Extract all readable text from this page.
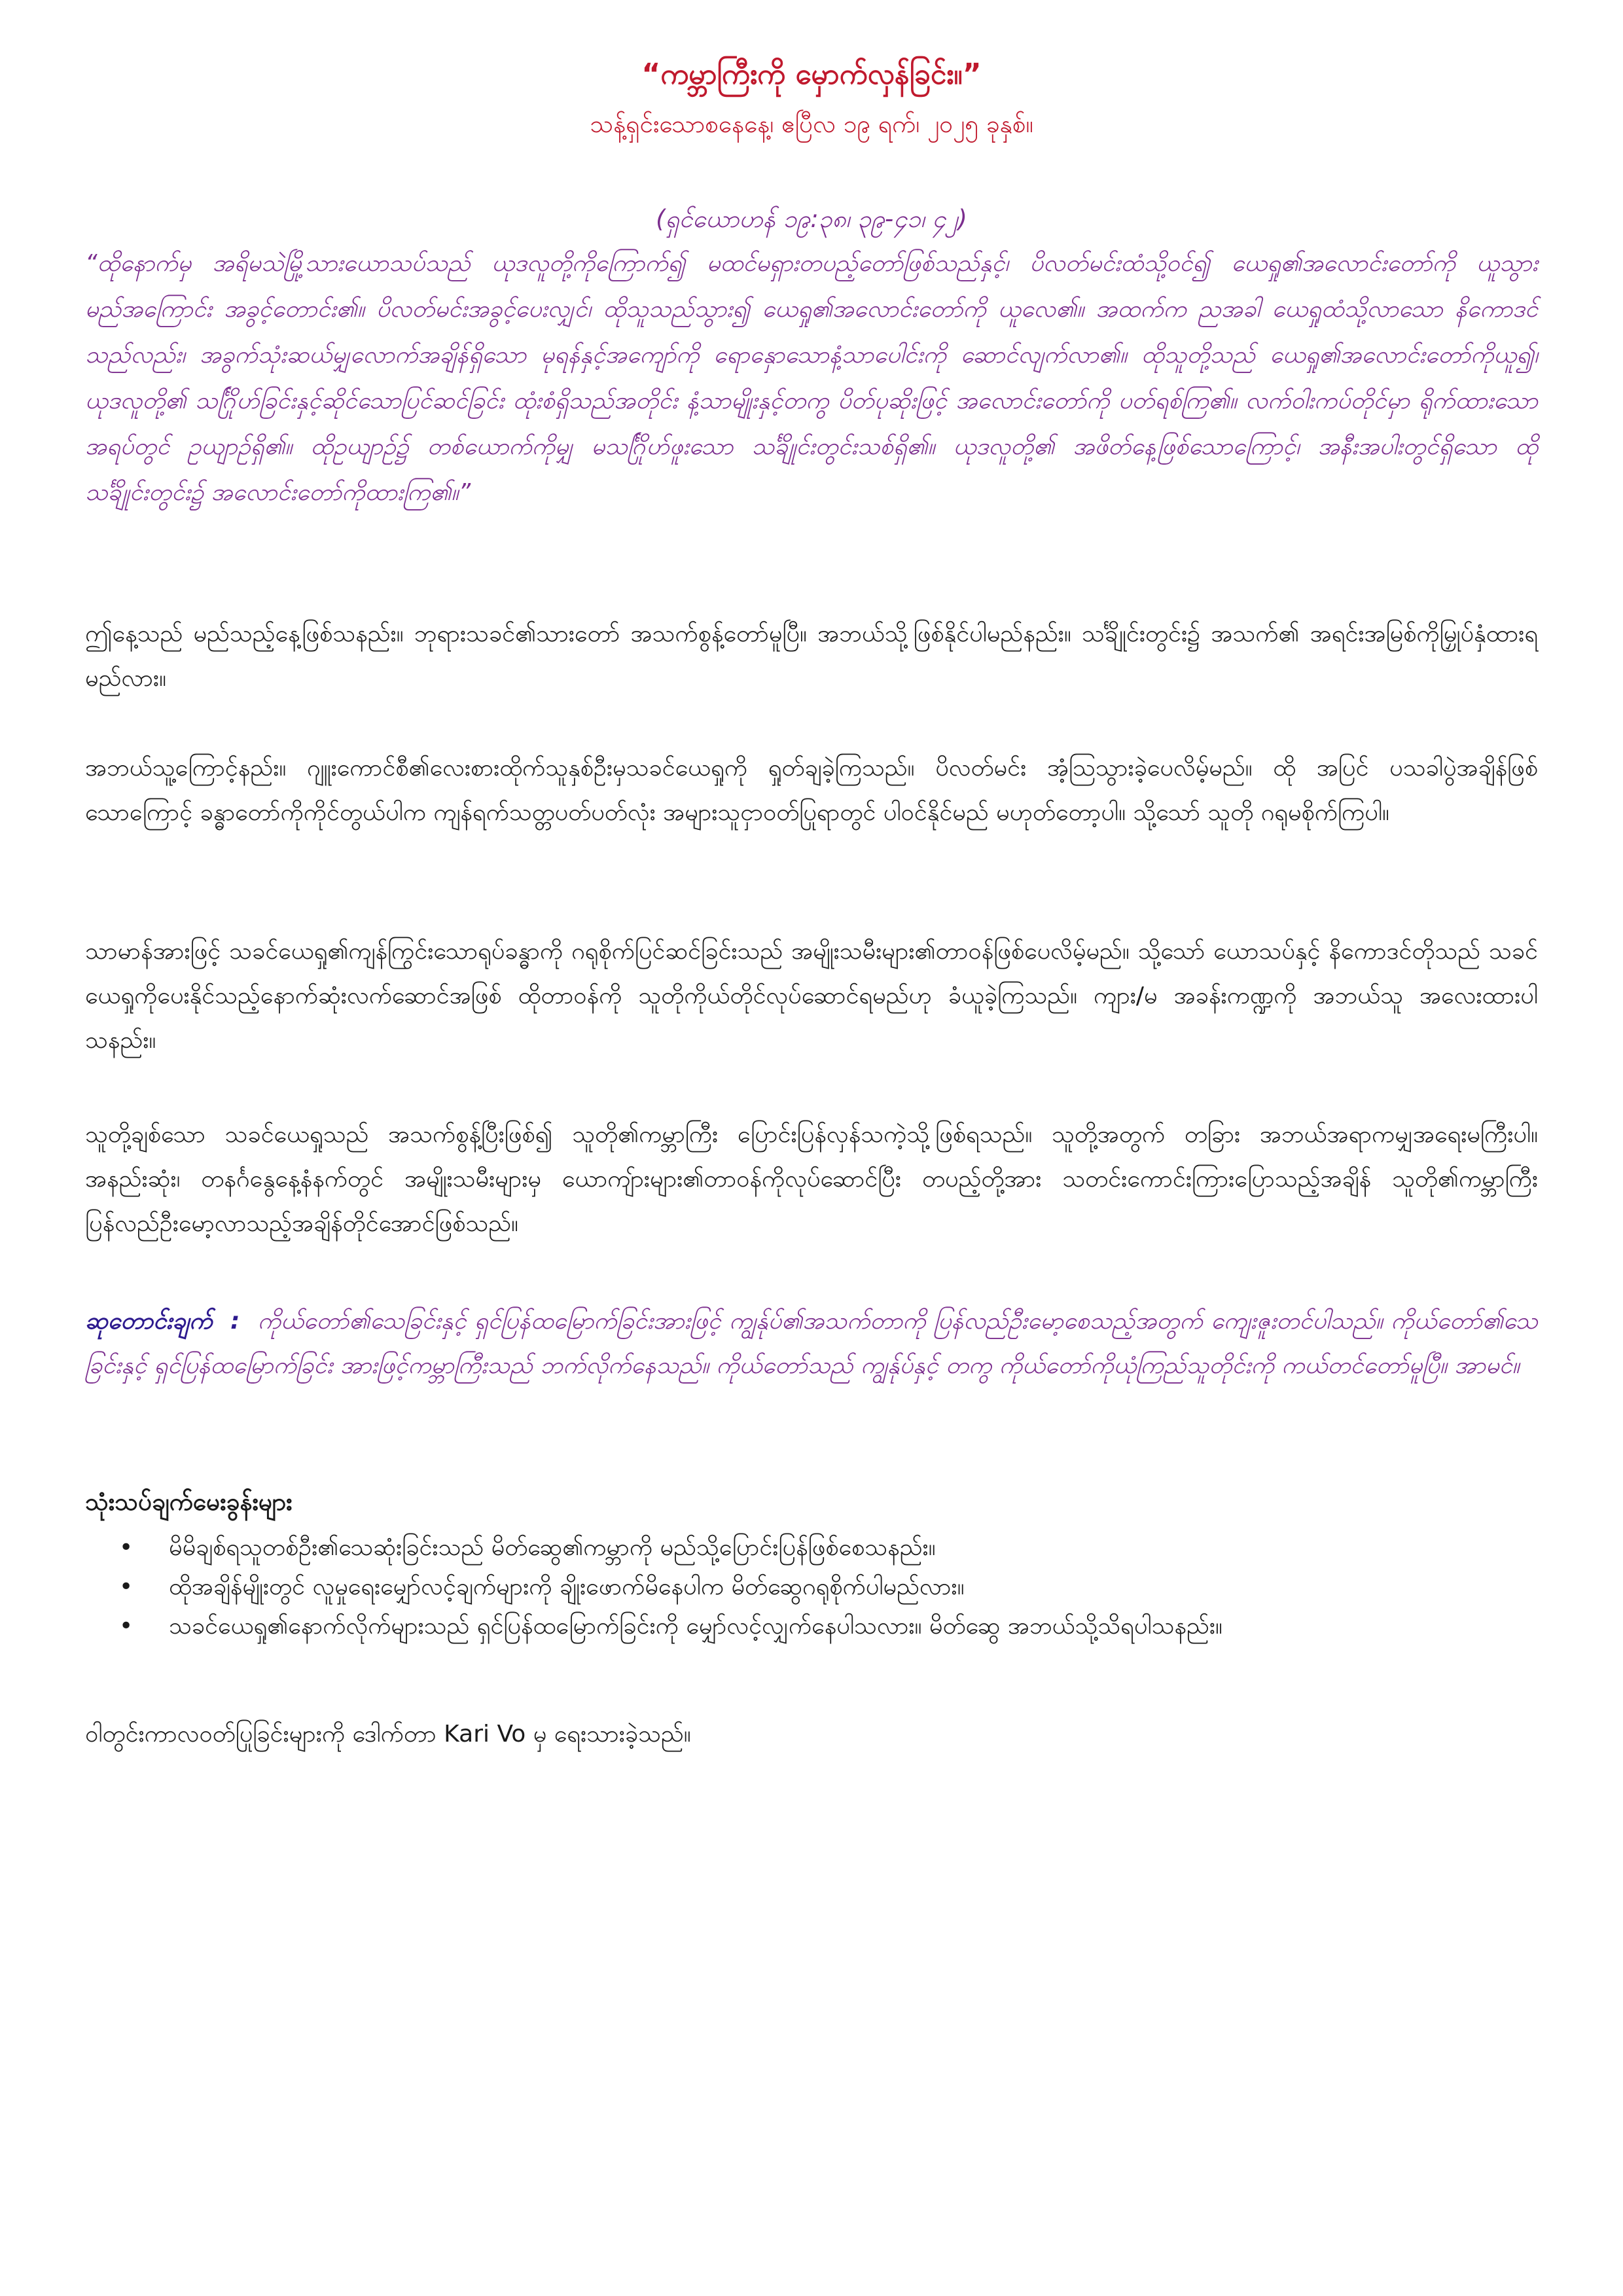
“ကမ္ဘာကြီးကို မှောက်လှန်ခြင်း။”
သန့်ရှင်းသောစနေနေ့၊ ဧပြီလ ၁၉ ရက်၊ ၂၀၂၅ ခုနှစ်။
(ရှင်ယောဟန် ၁၉:၃၈၊ ၃၉-၄၁၊ ၄၂)
“ထိုနောက်မှ အရိမသဲမြို့သားယောသပ်သည် ယုဒလူတို့ကိုကြောက်၍ မထင်မရှားတပည့်တော်ဖြစ်သည်နှင့်၊ ပိလတ်မင်းထံသို့ဝင်၍ ယေရှု၏အလောင်းတော်ကို ယူသွားမည်အကြောင်း အခွင့်တောင်း၏။ ပိလတ်မင်းအခွင့်ပေးလျှင်၊ ထိုသူသည်သွား၍ ယေရှု၏အလောင်းတော်ကို ယူလေ၏။ အထက်က ညအခါ ယေရှုထံသို့လာသော နိကောဒင်သည်လည်း၊ အခွက်သုံးဆယ်မျှလောက်အချိန်ရှိသော မုရန်နှင့်အကျော်ကို ရောနှောသောနံ့သာပေါင်းကို ဆောင်လျက်လာ၏။ ထိုသူတို့သည် ယေရှု၏အလောင်းတော်ကိုယူ၍၊ ယုဒလူတို့၏ သင်္ဂြိုဟ်ခြင်းနှင့်ဆိုင်သောပြင်ဆင်ခြင်း ထုံးစံရှိသည်အတိုင်း နံ့သာမျိုးနှင့်တကွ ပိတ်ပုဆိုးဖြင့် အလောင်းတော်ကို ပတ်ရစ်ကြ၏။ လက်ဝါးကပ်တိုင်မှာ ရိုက်ထားသောအရပ်တွင် ဥယျာဉ်ရှိ၏။ ထိုဥယျာဉ်၌ တစ်ယောက်ကိုမျှ မသင်္ဂြိုဟ်ဖူးသော သင်္ချိုင်းတွင်းသစ်ရှိ၏။ ယုဒလူတို့၏ အဖိတ်နေ့ဖြစ်သောကြောင့်၊ အနီးအပါးတွင်ရှိသော ထိုသင်္ချိုင်းတွင်း၌ အလောင်းတော်ကိုထားကြ၏။”
ဤနေ့သည် မည်သည့်နေ့ဖြစ်သနည်း။ ဘုရားသခင်၏သားတော် အသက်စွန့်တော်မူပြီ။ အဘယ်သို့ဖြစ်နိုင်ပါမည်နည်း။ သင်္ချိုင်းတွင်း၌ အသက်၏ အရင်းအမြစ်ကိုမြှုပ်နှံထားရမည်လား။
အဘယ်သူ့ကြောင့်နည်း။ ဂျူးကောင်စီ၏လေးစားထိုက်သူနှစ်ဦးမှသခင်ယေရှုကို ရှုတ်ချခဲ့ကြသည်။ ပိလတ်မင်း အံ့ဩသွားခဲ့ပေလိမ့်မည်။ ထို အပြင် ပသခါပွဲအချိန်ဖြစ်သောကြောင့် ခန္ဓာတော်ကိုကိုင်တွယ်ပါက ကျန်ရက်သတ္တပတ်ပတ်လုံး အများသူငှာဝတ်ပြုရာတွင် ပါဝင်နိုင်မည် မဟုတ်တော့ပါ။ သို့သော် သူတို ဂရုမစိုက်ကြပါ။
သာမာန်အားဖြင့် သခင်ယေရှု၏ကျန်ကြွင်းသောရုပ်ခန္ဓာကို ဂရုစိုက်ပြင်ဆင်ခြင်းသည် အမျိုးသမီးများ၏တာဝန်ဖြစ်ပေလိမ့်မည်။ သို့သော် ယောသပ်နှင့် နိကောဒင်တိုသည် သခင်ယေရှုကိုပေးနိုင်သည့်နောက်ဆုံးလက်ဆောင်အဖြစ် ထိုတာဝန်ကို သူတိုကိုယ်တိုင်လုပ်ဆောင်ရမည်ဟု ခံယူခဲ့ကြသည်။ ကျား/မ အခန်းကဏ္ဍကို အဘယ်သူ အလေးထားပါသနည်း။
သူတို့ချစ်သော သခင်ယေရှုသည် အသက်စွန့်ပြီးဖြစ်၍ သူတို၏ကမ္ဘာကြီး ပြောင်းပြန်လှန်သကဲ့သို့ဖြစ်ရသည်။ သူတို့အတွက် တခြား အဘယ်အရာကမျှအရေးမကြီးပါ။ အနည်းဆုံး၊ တနင်္ဂနွေနေ့နံနက်တွင် အမျိုးသမီးများမှ ယောကျ်ားများ၏တာဝန်ကိုလုပ်ဆောင်ပြီး တပည့်တို့အား သတင်းကောင်းကြားပြောသည့်အချိန် သူတို၏ကမ္ဘာကြီး ပြန်လည်ဦးမော့လာသည့်အချိန်တိုင်အောင်ဖြစ်သည်။
ဆုတောင်းချက်  :  ကိုယ်တော်၏သေခြင်းနှင့် ရှင်ပြန်ထမြောက်ခြင်းအားဖြင့် ကျွန်ုပ်၏အသက်တာကို ပြန်လည်ဦးမော့စေသည့်အတွက် ကျေးဇူးတင်ပါသည်။ ကိုယ်တော်၏သေခြင်းနှင့် ရှင်ပြန်ထမြောက်ခြင်း အားဖြင့်ကမ္ဘာကြီးသည် ဘက်လိုက်နေသည်။ ကိုယ်တော်သည် ကျွန်ုပ်နှင့် တကွ ကိုယ်တော်ကိုယုံကြည်သူတိုင်းကို ကယ်တင်တော်မူပြီ။ အာမင်။
သုံးသပ်ချက်မေးခွန်းများ
• မိမိချစ်ရသူတစ်ဦး၏သေဆုံးခြင်းသည် မိတ်ဆွေ၏ကမ္ဘာကို မည်သို့ပြောင်းပြန်ဖြစ်စေသနည်း။
• ထိုအချိန်မျိုးတွင် လူမှုရေးမျှော်လင့်ချက်များကို ချိုးဖောက်မိနေပါက မိတ်ဆွေဂရုစိုက်ပါမည်လား။
• သခင်ယေရှု၏နောက်လိုက်များသည် ရှင်ပြန်ထမြောက်ခြင်းကို မျှော်လင့်လျှက်နေပါသလား။ မိတ်ဆွေ အဘယ်သို့သိရပါသနည်း။
ဝါတွင်းကာလဝတ်ပြုခြင်းများကို ဒေါက်တာ Kari Vo မှ ရေးသားခဲ့သည်။
